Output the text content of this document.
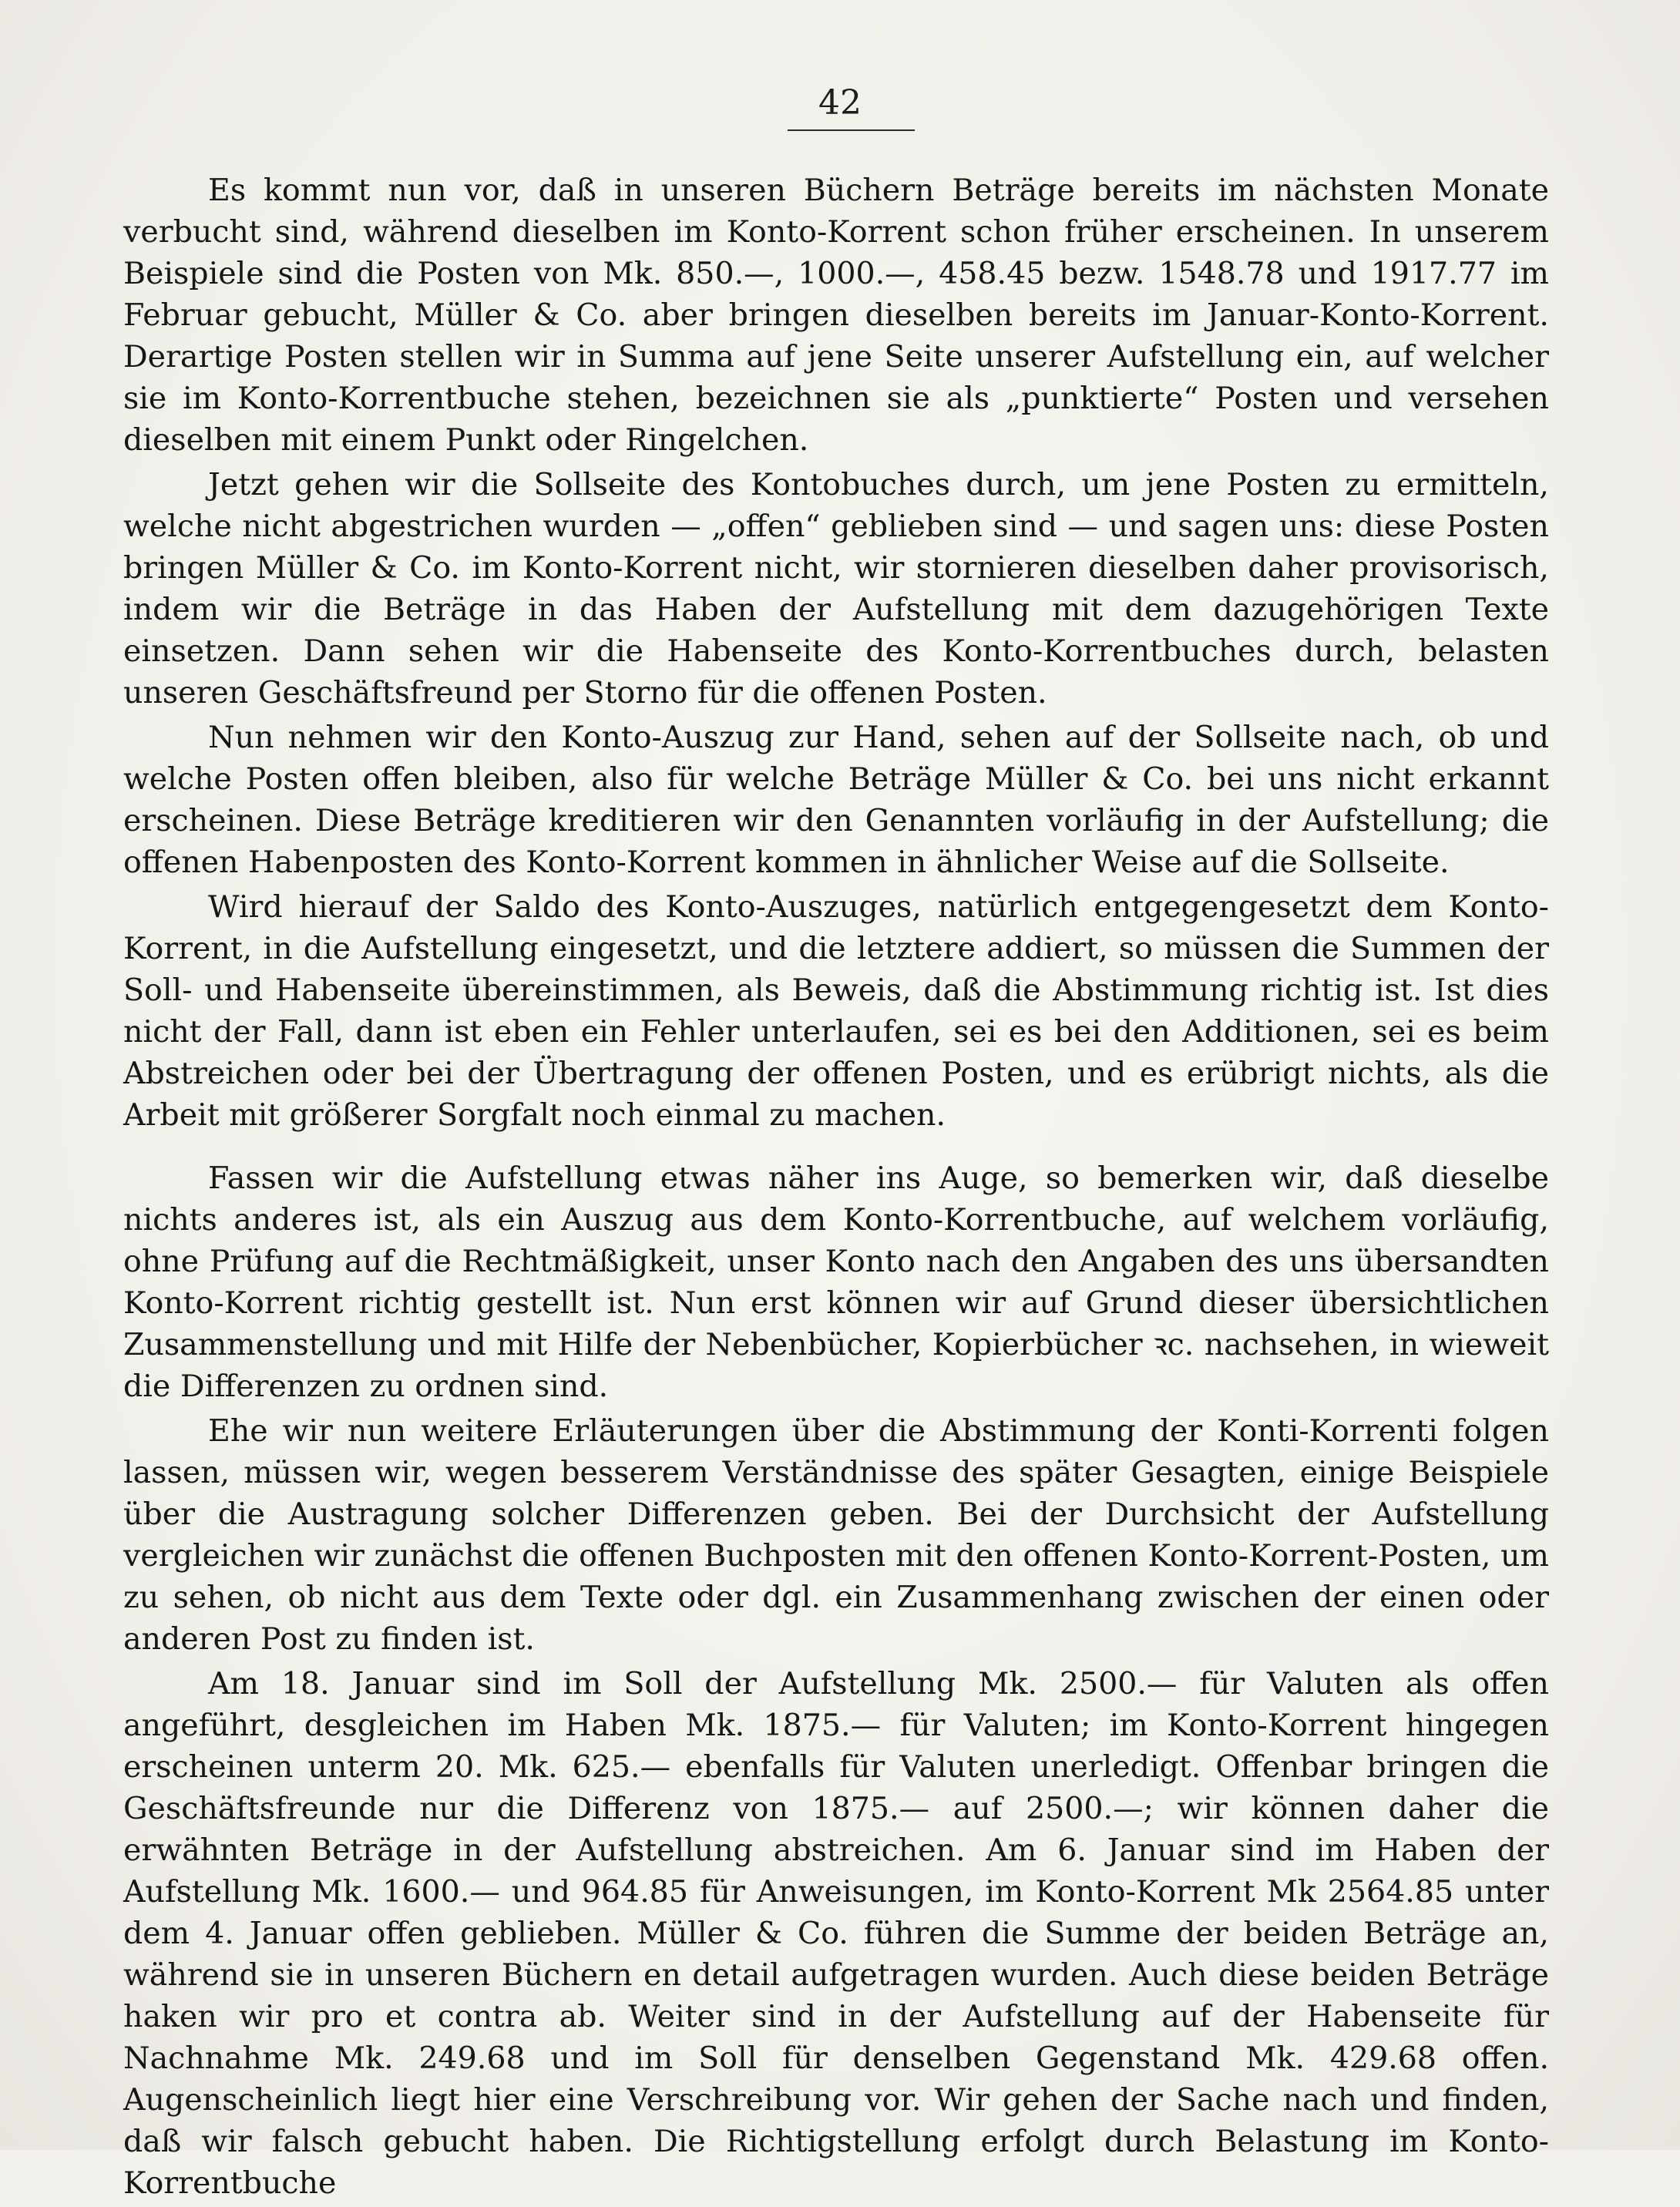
42

Es kommt nun vor, daß in unseren Büchern Beträge bereits im nächsten Monate verbucht sind, während dieselben im Konto-Korrent schon früher erscheinen. In unserem Beispiele sind die Posten von Mk. 850.—, 1000.—, 458.45 bezw. 1548.78 und 1917.77 im Februar gebucht, Müller & Co. aber bringen dieselben bereits im Januar-Konto-Korrent. Derartige Posten stellen wir in Summa auf jene Seite unserer Aufstellung ein, auf welcher sie im Konto-Korrentbuche stehen, bezeichnen sie als „punktierte“ Posten und versehen dieselben mit einem Punkt oder Ringelchen.

Jetzt gehen wir die Sollseite des Kontobuches durch, um jene Posten zu ermitteln, welche nicht abgestrichen wurden — „offen“ geblieben sind — und sagen uns: diese Posten bringen Müller & Co. im Konto-Korrent nicht, wir stornieren dieselben daher provisorisch, indem wir die Beträge in das Haben der Aufstellung mit dem dazugehörigen Texte einsetzen. Dann sehen wir die Habenseite des Konto-Korrentbuches durch, belasten unseren Geschäftsfreund per Storno für die offenen Posten.

Nun nehmen wir den Konto-Auszug zur Hand, sehen auf der Sollseite nach, ob und welche Posten offen bleiben, also für welche Beträge Müller & Co. bei uns nicht erkannt erscheinen. Diese Beträge kreditieren wir den Genannten vorläufig in der Aufstellung; die offenen Habenposten des Konto-Korrent kommen in ähnlicher Weise auf die Sollseite.

Wird hierauf der Saldo des Konto-Auszuges, natürlich entgegengesetzt dem Konto-Korrent, in die Aufstellung eingesetzt, und die letztere addiert, so müssen die Summen der Soll- und Habenseite übereinstimmen, als Beweis, daß die Abstimmung richtig ist. Ist dies nicht der Fall, dann ist eben ein Fehler unterlaufen, sei es bei den Additionen, sei es beim Abstreichen oder bei der Übertragung der offenen Posten, und es erübrigt nichts, als die Arbeit mit größerer Sorgfalt noch einmal zu machen.

Fassen wir die Aufstellung etwas näher ins Auge, so bemerken wir, daß dieselbe nichts anderes ist, als ein Auszug aus dem Konto-Korrentbuche, auf welchem vorläufig, ohne Prüfung auf die Rechtmäßigkeit, unser Konto nach den Angaben des uns übersandten Konto-Korrent richtig gestellt ist. Nun erst können wir auf Grund dieser übersichtlichen Zusammenstellung und mit Hilfe der Nebenbücher, Kopierbücher ꝛc. nachsehen, in wieweit die Differenzen zu ordnen sind.

Ehe wir nun weitere Erläuterungen über die Abstimmung der Konti-Korrenti folgen lassen, müssen wir, wegen besserem Verständnisse des später Gesagten, einige Beispiele über die Austragung solcher Differenzen geben. Bei der Durchsicht der Aufstellung vergleichen wir zunächst die offenen Buchposten mit den offenen Konto-Korrent-Posten, um zu sehen, ob nicht aus dem Texte oder dgl. ein Zusammenhang zwischen der einen oder anderen Post zu finden ist.

Am 18. Januar sind im Soll der Aufstellung Mk. 2500.— für Valuten als offen angeführt, desgleichen im Haben Mk. 1875.— für Valuten; im Konto-Korrent hingegen erscheinen unterm 20. Mk. 625.— ebenfalls für Valuten unerledigt. Offenbar bringen die Geschäftsfreunde nur die Differenz von 1875.— auf 2500.—; wir können daher die erwähnten Beträge in der Aufstellung abstreichen. Am 6. Januar sind im Haben der Aufstellung Mk. 1600.— und 964.85 für Anweisungen, im Konto-Korrent Mk 2564.85 unter dem 4. Januar offen geblieben. Müller & Co. führen die Summe der beiden Beträge an, während sie in unseren Büchern en detail aufgetragen wurden. Auch diese beiden Beträge haken wir pro et contra ab. Weiter sind in der Aufstellung auf der Habenseite für Nachnahme Mk. 249.68 und im Soll für denselben Gegenstand Mk. 429.68 offen. Augenscheinlich liegt hier eine Verschreibung vor. Wir gehen der Sache nach und finden, daß wir falsch gebucht haben. Die Richtigstellung erfolgt durch Belastung im Konto-Korrentbuche
